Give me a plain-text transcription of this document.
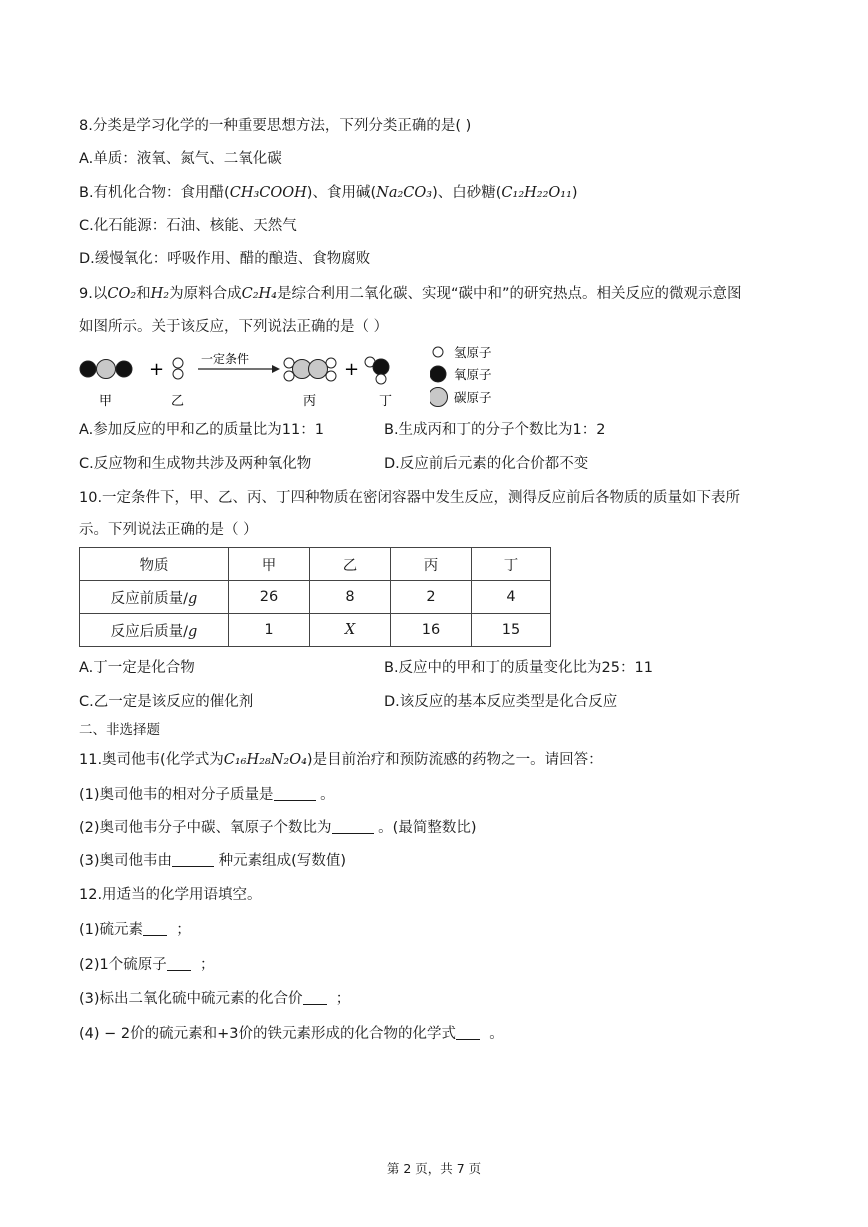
8.分类是学习化学的一种重要思想方法，下列分类正确的是( )
A.单质：液氧、氮气、二氧化碳
B.有机化合物：食用醋(CH₃COOH)、食用碱(Na₂CO₃)、白砂糖(C₁₂H₂₂O₁₁)
C.化石能源：石油、核能、天然气
D.缓慢氧化：呼吸作用、醋的酿造、食物腐败
9.以CO₂和H₂为原料合成C₂H₄是综合利用二氧化碳、实现“碳中和”的研究热点。相关反应的微观示意图
如图所示。关于该反应，下列说法正确的是（ ）
+	一定条件	+
甲	乙	丙	丁
氢原子
氧原子
碳原子
A.参加反应的甲和乙的质量比为11：1	B.生成丙和丁的分子个数比为1：2
C.反应物和生成物共涉及两种氧化物	D.反应前后元素的化合价都不变
10.一定条件下，甲、乙、丙、丁四种物质在密闭容器中发生反应，测得反应前后各物质的质量如下表所
示。下列说法正确的是（ ）
物质	甲	乙	丙	丁
反应前质量/g	26	8	2	4
反应后质量/g	1	X	16	15
A.丁一定是化合物	B.反应中的甲和丁的质量变化比为25：11
C.乙一定是该反应的催化剂	D.该反应的基本反应类型是化合反应
二、非选择题
11.奥司他韦(化学式为C₁₆H₂₈N₂O₄)是目前治疗和预防流感的药物之一。请回答：
(1)奥司他韦的相对分子质量是	。
(2)奥司他韦分子中碳、氧原子个数比为	。(最简整数比)
(3)奥司他韦由	种元素组成(写数值)
12.用适当的化学用语填空。
(1)硫元素 ；
(2)1个硫原子 ；
(3)标出二氧化硫中硫元素的化合价 ；
(4) − 2价的硫元素和+3价的铁元素形成的化合物的化学式 。
第 2 页，共 7 页
